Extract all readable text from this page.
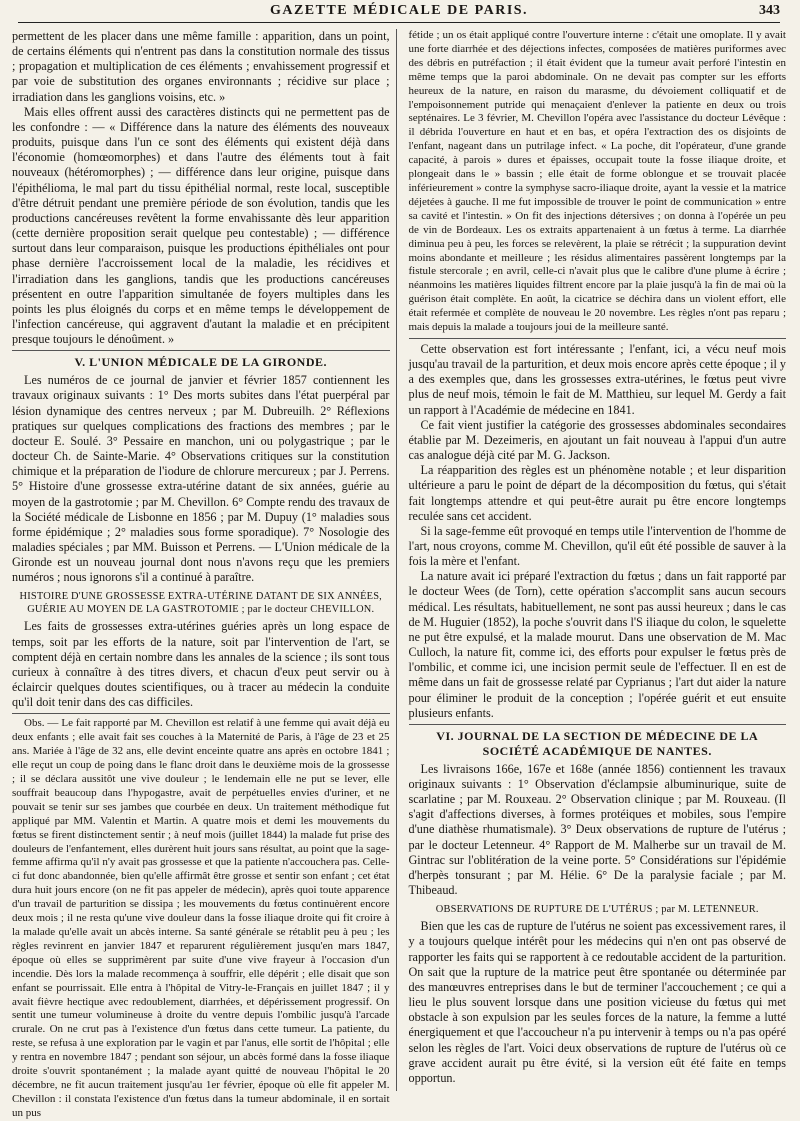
GAZETTE MÉDICALE DE PARIS.	343

permettent de les placer dans une même famille : apparition, dans un point, de certains éléments qui n'entrent pas dans la constitution normale des tissus ; propagation et multiplication de ces éléments ; envahissement progressif et par voie de substitution des organes environnants ; récidive sur place ; irradiation dans les ganglions voisins, etc. »

Mais elles offrent aussi des caractères distincts qui ne permettent pas de les confondre : — « Différence dans la nature des éléments des nouveaux produits, puisque dans l'un ce sont des éléments qui existent déjà dans l'économie (homœomorphes) et dans l'autre des éléments tout à fait nouveaux (hétéromorphes) ; — différence dans leur origine, puisque dans l'épithélioma, le mal part du tissu épithélial normal, reste local, susceptible d'être détruit pendant une première période de son évolution, tandis que les productions cancéreuses revêtent la forme envahissante dès leur apparition (cette dernière proposition serait quelque peu contestable) ; — différence surtout dans leur comparaison, puisque les productions épithéliales ont pour phase dernière l'accroissement local de la maladie, les récidives et l'irradiation dans les ganglions, tandis que les productions cancéreuses présentent en outre l'apparition simultanée de foyers multiples dans les points les plus éloignés du corps et en même temps le développement de l'infection cancéreuse, qui aggravent d'autant la maladie et en précipitent presque toujours le dénoûment. »

V. L'UNION MÉDICALE DE LA GIRONDE.

Les numéros de ce journal de janvier et février 1857 contiennent les travaux originaux suivants : 1° Des morts subites dans l'état puerpéral par lésion dynamique des centres nerveux ; par M. Dubreuilh. 2° Réflexions pratiques sur quelques complications des fractions des membres ; par le docteur E. Soulé. 3° Pessaire en manchon, uni ou polygastrique ; par le docteur Ch. de Sainte-Marie. 4° Observations critiques sur la constitution chimique et la préparation de l'iodure de chlorure mercureux ; par J. Perrens. 5° Histoire d'une grossesse extra-utérine datant de six années, guérie au moyen de la gastrotomie ; par M. Chevillon. 6° Compte rendu des travaux de la Société médicale de Lisbonne en 1856 ; par M. Dupuy (1° maladies sous forme épidémique ; 2° maladies sous forme sporadique). 7° Nosologie des maladies spéciales ; par MM. Buisson et Perrens. — L'Union médicale de la Gironde est un nouveau journal dont nous n'avons reçu que les premiers numéros ; nous ignorons s'il a continué à paraître.

HISTOIRE D'UNE GROSSESSE EXTRA-UTÉRINE DATANT DE SIX ANNÉES, GUÉRIE AU MOYEN DE LA GASTROTOMIE ; par le docteur CHEVILLON.

Les faits de grossesses extra-utérines guéries après un long espace de temps, soit par les efforts de la nature, soit par l'intervention de l'art, se comptent déjà en certain nombre dans les annales de la science ; ils sont tous curieux à connaître à des titres divers, et chacun d'eux peut servir ou à éclaircir quelques doutes scientifiques, ou à tracer au médecin la conduite qu'il doit tenir dans des cas difficiles.

Obs. — Le fait rapporté par M. Chevillon est relatif à une femme qui avait déjà eu deux enfants ; elle avait fait ses couches à la Maternité de Paris, à l'âge de 23 et 25 ans. Mariée à l'âge de 32 ans, elle devint enceinte quatre ans après en octobre 1841 ; elle reçut un coup de poing dans le flanc droit dans le deuxième mois de la grossesse ; il se déclara aussitôt une vive douleur ; le lendemain elle ne put se lever, elle souffrait beaucoup dans l'hypogastre, avait de perpétuelles envies d'uriner, et ne pouvait se tenir sur ses jambes que courbée en deux. Un traitement méthodique fut appliqué par MM. Valentin et Martin. A quatre mois et demi les mouvements du fœtus se firent distinctement sentir ; à neuf mois (juillet 1844) la malade fut prise des douleurs de l'enfantement, elles durèrent huit jours sans résultat, au point que la sage-femme affirma qu'il n'y avait pas grossesse et que la patiente n'accouchera pas. Celle-ci fut donc abandonnée, bien qu'elle affirmât être grosse et sentir son enfant ; cet état dura huit jours encore (on ne fit pas appeler de médecin), après quoi toute apparence d'un travail de parturition se dissipa ; les mouvements du fœtus continuèrent encore deux mois ; il ne resta qu'une vive douleur dans la fosse iliaque droite qui fit croire à la malade qu'elle avait un abcès interne. Sa santé générale se rétablit peu à peu ; les règles revinrent en janvier 1847 et reparurent régulièrement jusqu'en mars 1847, époque où elles se supprimèrent par suite d'une vive frayeur à l'occasion d'un incendie. Dès lors la malade recommença à souffrir, elle dépérit ; elle disait que son enfant se pourrissait. Elle entra à l'hôpital de Vitry-le-Français en juillet 1847 ; il y avait fièvre hectique avec redoublement, diarrhées, et dépérissement progressif. On sentit une tumeur volumineuse à droite du ventre depuis l'ombilic jusqu'à l'arcade crurale. On ne crut pas à l'existence d'un fœtus dans cette tumeur. La patiente, du reste, se refusa à une exploration par le vagin et par l'anus, elle sortit de l'hôpital ; elle y rentra en novembre 1847 ; pendant son séjour, un abcès formé dans la fosse iliaque droite s'ouvrit spontanément ; la malade ayant quitté de nouveau l'hôpital le 20 décembre, ne fit aucun traitement jusqu'au 1er février, époque où elle fit appeler M. Chevillon : il constata l'existence d'un fœtus dans la tumeur abdominale, il en sortait un pus

fétide ; un os était appliqué contre l'ouverture interne : c'était une omoplate. Il y avait une forte diarrhée et des déjections infectes, composées de matières puriformes avec des débris en putréfaction ; il était évident que la tumeur avait perforé l'intestin en même temps que la paroi abdominale. On ne devait pas compter sur les efforts heureux de la nature, en raison du marasme, du dévoiement colliquatif et de l'empoisonnement putride qui menaçaient d'enlever la patiente en deux ou trois septénaires. Le 3 février, M. Chevillon l'opéra avec l'assistance du docteur Lévêque : il débrida l'ouverture en haut et en bas, et opéra l'extraction des os disjoints de l'enfant, nageant dans un putrilage infect. « La poche, dit l'opérateur, d'une grande capacité, à parois » dures et épaisses, occupait toute la fosse iliaque droite, et plongeait dans le » bassin ; elle était de forme oblongue et se trouvait placée inférieurement » contre la symphyse sacro-iliaque droite, ayant la vessie et la matrice déjetées à gauche. Il me fut impossible de trouver le point de communication » entre sa cavité et l'intestin. » On fit des injections détersives ; on donna à l'opérée un peu de vin de Bordeaux. Les os extraits appartenaient à un fœtus à terme. La diarrhée diminua peu à peu, les forces se relevèrent, la plaie se rétrécit ; la suppuration devint moins abondante et meilleure ; les résidus alimentaires passèrent longtemps par la fistule stercorale ; en avril, celle-ci n'avait plus que le calibre d'une plume à écrire ; néanmoins les matières liquides filtrent encore par la plaie jusqu'à la fin de mai où la guérison était complète. En août, la cicatrice se déchira dans un violent effort, elle était refermée et complète de nouveau le 20 novembre. Les règles n'ont pas reparu ; mais depuis la malade a toujours joui de la meilleure santé.

Cette observation est fort intéressante ; l'enfant, ici, a vécu neuf mois jusqu'au travail de la parturition, et deux mois encore après cette époque ; il y a des exemples que, dans les grossesses extra-utérines, le fœtus peut vivre plus de neuf mois, témoin le fait de M. Matthieu, sur lequel M. Gerdy a fait un rapport à l'Académie de médecine en 1841.

Ce fait vient justifier la catégorie des grossesses abdominales secondaires établie par M. Dezeimeris, en ajoutant un fait nouveau à l'appui d'un autre cas analogue déjà cité par M. G. Jackson.

La réapparition des règles est un phénomène notable ; et leur disparition ultérieure a paru le point de départ de la décomposition du fœtus, qui s'était fait longtemps attendre et qui peut-être aurait pu être encore longtemps reculée sans cet accident.

Si la sage-femme eût provoqué en temps utile l'intervention de l'homme de l'art, nous croyons, comme M. Chevillon, qu'il eût été possible de sauver à la fois la mère et l'enfant.

La nature avait ici préparé l'extraction du fœtus ; dans un fait rapporté par le docteur Wees (de Torn), cette opération s'accomplit sans aucun secours médical. Les résultats, habituellement, ne sont pas aussi heureux ; dans le cas de M. Huguier (1852), la poche s'ouvrit dans l'S iliaque du colon, le squelette ne put être expulsé, et la malade mourut. Dans une observation de M. Mac Culloch, la nature fit, comme ici, des efforts pour expulser le fœtus près de l'ombilic, et comme ici, une incision permit seule de l'effectuer. Il en est de même dans un fait de grossesse relaté par Cyprianus ; l'art dut aider la nature pour éliminer le produit de la conception ; l'opérée guérit et eut ensuite plusieurs enfants.

VI. JOURNAL DE LA SECTION DE MÉDECINE DE LA SOCIÉTÉ ACADÉMIQUE DE NANTES.

Les livraisons 166e, 167e et 168e (année 1856) contiennent les travaux originaux suivants : 1° Observation d'éclampsie albuminurique, suite de scarlatine ; par M. Rouxeau. 2° Observation clinique ; par M. Rouxeau. (Il s'agit d'affections diverses, à formes protéiques et mobiles, sous l'empire d'une diathèse rhumatismale). 3° Deux observations de rupture de l'utérus ; par le docteur Letenneur. 4° Rapport de M. Malherbe sur un travail de M. Gintrac sur l'oblitération de la veine porte. 5° Considérations sur l'épidémie d'herpès tonsurant ; par M. Hélie. 6° De la paralysie faciale ; par M. Thibeaud.

OBSERVATIONS DE RUPTURE DE L'UTÉRUS ; par M. LETENNEUR.

Bien que les cas de rupture de l'utérus ne soient pas excessivement rares, il y a toujours quelque intérêt pour les médecins qui n'en ont pas observé de rapporter les faits qui se rapportent à ce redoutable accident de la parturition. On sait que la rupture de la matrice peut être spontanée ou déterminée par des manœuvres entreprises dans le but de terminer l'accouchement ; ce qui a lieu le plus souvent lorsque dans une position vicieuse du fœtus qui met obstacle à son expulsion par les seules forces de la nature, la femme a lutté énergiquement et que l'accoucheur n'a pu intervenir à temps ou n'a pas opéré selon les règles de l'art. Voici deux observations de rupture de l'utérus où ce grave accident aurait pu être évité, si la version eût été faite en temps opportun.
